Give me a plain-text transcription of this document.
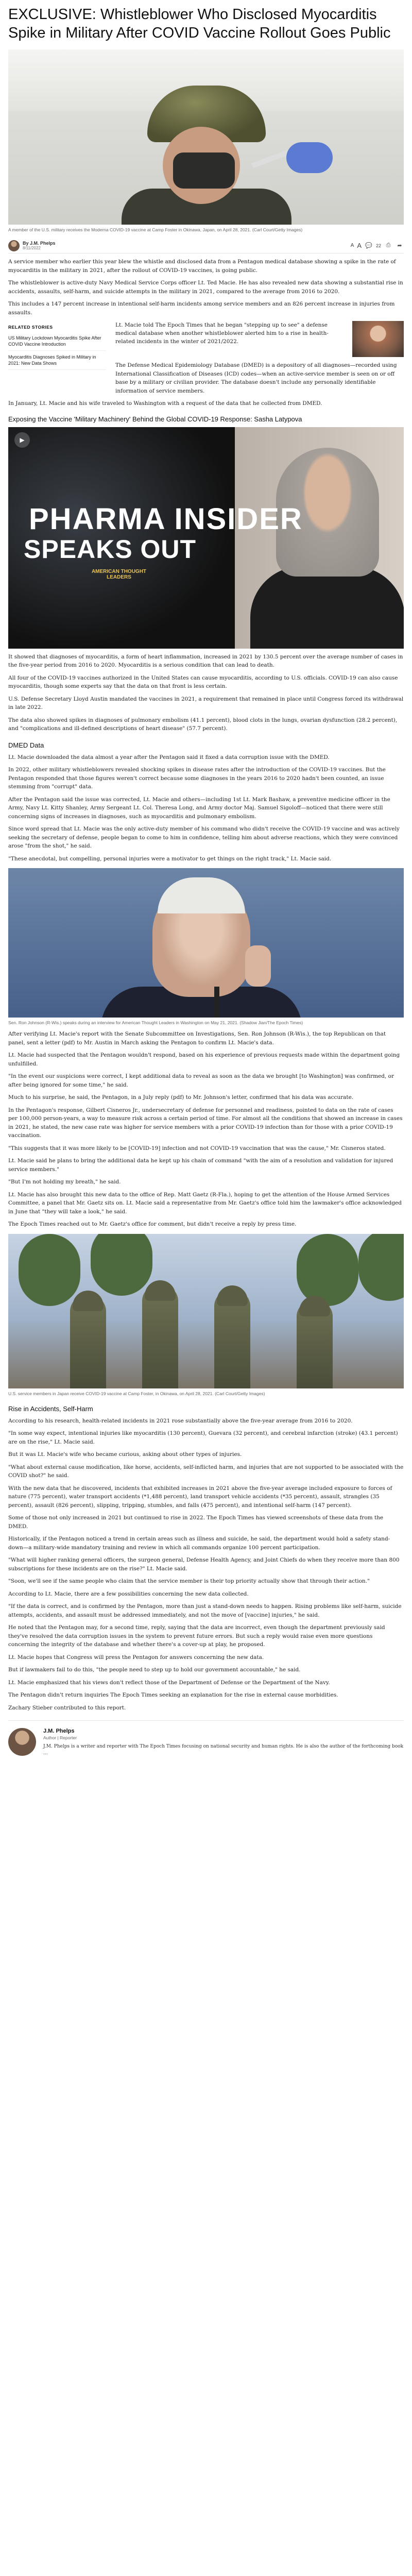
EXCLUSIVE: Whistleblower Who Disclosed Myocarditis Spike in Military After COVID Vaccine Rollout Goes Public
A member of the U.S. military receives the Moderna COVID-19 vaccine at Camp Foster in Okinawa, Japan, on April 28, 2021. (Carl Court/Getty Images)
By J.M. Phelps
8/11/2022	A A 💬 22 ⎙	➦

A service member who earlier this year blew the whistle and disclosed data from a Pentagon medical database showing a spike in the rate of myocarditis in the military in 2021, after the rollout of COVID-19 vaccines, is going public.

The whistleblower is active-duty Navy Medical Service Corps officer Lt. Ted Macie. He has also revealed new data showing a substantial rise in accidents, assaults, self-harm, and suicide attempts in the military in 2021, compared to the average from 2016 to 2020.

This includes a 147 percent increase in intentional self-harm incidents among service members and an 826 percent increase in injuries from assaults.

RELATED STORIES
US Military Lockdown Myocarditis Spike After COVID Vaccine Introduction
Myocarditis Diagnoses Spiked in Military in 2021: New Data Shows
Lt. Macie told The Epoch Times that he began "stepping up to see" a defense medical database when another whistleblower alerted him to a rise in health-related incidents in the winter of 2021/2022.

The Defense Medical Epidemiology Database (DMED) is a depository of all diagnoses—recorded using International Classification of Diseases (ICD) codes—when an active-service member is seen on or off base by a military or civilian provider. The database doesn't include any personally identifiable information of service members.

In January, Lt. Macie and his wife traveled to Washington with a request of the data that he collected from DMED.

Exposing the Vaccine 'Military Machinery' Behind the Global COVID-19 Response: Sasha Latypova
▶
PHARMA INSIDER
SPEAKS OUT
AMERICAN THOUGHT LEADERS

It showed that diagnoses of myocarditis, a form of heart inflammation, increased in 2021 by 130.5 percent over the average number of cases in the five-year period from 2016 to 2020. Myocarditis is a serious condition that can lead to death.

All four of the COVID-19 vaccines authorized in the United States can cause myocarditis, according to U.S. officials. COVID-19 can also cause myocarditis, though some experts say that the data on that front is less certain.

U.S. Defense Secretary Lloyd Austin mandated the vaccines in 2021, a requirement that remained in place until Congress forced its withdrawal in late 2022.

The data also showed spikes in diagnoses of pulmonary embolism (41.1 percent), blood clots in the lungs, ovarian dysfunction (28.2 percent), and "complications and ill-defined descriptions of heart disease" (57.7 percent).

DMED Data

Lt. Macie downloaded the data almost a year after the Pentagon said it fixed a data corruption issue with the DMED.

In 2022, other military whistleblowers revealed shocking spikes in disease rates after the introduction of the COVID-19 vaccines. But the Pentagon responded that those figures weren't correct because some diagnoses in the years 2016 to 2020 hadn't been counted, an issue stemming from "corrupt" data.

After the Pentagon said the issue was corrected, Lt. Macie and others—including 1st Lt. Mark Bashaw, a preventive medicine officer in the Army, Navy Lt. Kitty Shanley, Army Sergeant Lt. Col. Theresa Long, and Army doctor Maj. Samuel Sigoloff—noticed that there were still concerning signs of increases in diagnoses, such as myocarditis and pulmonary embolism.

Since word spread that Lt. Macie was the only active-duty member of his command who didn't receive the COVID-19 vaccine and was actively seeking the secretary of defense, people began to come to him in confidence, telling him about adverse reactions, which they were convinced arose "from the shot," he said.

"These anecdotal, but compelling, personal injuries were a motivator to get things on the right track," Lt. Macie said.

Sen. Ron Johnson (R-Wis.) speaks during an interview for American Thought Leaders in Washington on May 21, 2021. (Shadow Jian/The Epoch Times)

After verifying Lt. Macie's report with the Senate Subcommittee on Investigations, Sen. Ron Johnson (R-Wis.), the top Republican on that panel, sent a letter (pdf) to Mr. Austin in March asking the Pentagon to confirm Lt. Macie's data.

Lt. Macie had suspected that the Pentagon wouldn't respond, based on his experience of previous requests made within the department going unfulfilled.

"In the event our suspicions were correct, I kept additional data to reveal as soon as the data we brought [to Washington] was confirmed, or after being ignored for some time," he said.

Much to his surprise, he said, the Pentagon, in a July reply (pdf) to Mr. Johnson's letter, confirmed that his data was accurate.

In the Pentagon's response, Gilbert Cisneros Jr., undersecretary of defense for personnel and readiness, pointed to data on the rate of cases per 100,000 person-years, a way to measure risk across a certain period of time. For almost all the conditions that showed an increase in cases in 2021, he stated, the new case rate was higher for service members with a prior COVID-19 infection than for those with a prior COVID-19 vaccination.

"This suggests that it was more likely to be [COVID-19] infection and not COVID-19 vaccination that was the cause," Mr. Cisneros stated.

Lt. Macie said he plans to bring the additional data he kept up his chain of command "with the aim of a resolution and validation for injured service members."

"But I'm not holding my breath," he said.

Lt. Macie has also brought this new data to the office of Rep. Matt Gaetz (R-Fla.), hoping to get the attention of the House Armed Services Committee, a panel that Mr. Gaetz sits on. Lt. Macie said a representative from Mr. Gaetz's office told him the lawmaker's office acknowledged in June that "they will take a look," he said.

The Epoch Times reached out to Mr. Gaetz's office for comment, but didn't receive a reply by press time.

U.S. service members in Japan receive COVID-19 vaccine at Camp Foster, in Okinawa, on April 28, 2021. (Carl Court/Getty Images)
Rise in Accidents, Self-Harm

According to his research, health-related incidents in 2021 rose substantially above the five-year average from 2016 to 2020.

"In some way expect, intentional injuries like myocarditis (130 percent), Guevara (32 percent), and cerebral infarction (stroke) (43.1 percent) are on the rise," Lt. Macie said.

But it was Lt. Macie's wife who became curious, asking about other types of injuries.

"What about external cause modification, like horse, accidents, self-inflicted harm, and injuries that are not supported to be associated with the COVID shot?" he said.

With the new data that he discovered, incidents that exhibited increases in 2021 above the five-year average included exposure to forces of nature (775 percent), water transport accidents (*1,488 percent), land transport vehicle accidents (*35 percent), assault, strangles (35 percent), assault (826 percent), slipping, tripping, stumbles, and falls (475 percent), and intentional self-harm (147 percent).

Some of those not only increased in 2021 but continued to rise in 2022. The Epoch Times has viewed screenshots of these data from the DMED.

Historically, if the Pentagon noticed a trend in certain areas such as illness and suicide, he said, the department would hold a safety stand-down—a military-wide mandatory training and review in which all commands organize 100 percent participation.

"What will higher ranking general officers, the surgeon general, Defense Health Agency, and Joint Chiefs do when they receive more than 800 subscriptions for these incidents are on the rise?" Lt. Macie said.

"Soon, we'll see if the same people who claim that the service member is their top priority actually show that through their action."

According to Lt. Macie, there are a few possibilities concerning the new data collected.

"If the data is correct, and is confirmed by the Pentagon, more than just a stand-down needs to happen. Rising problems like self-harm, suicide attempts, accidents, and assault must be addressed immediately, and not the move of [vaccine] injuries," he said.

He noted that the Pentagon may, for a second time, reply, saying that the data are incorrect, even though the department previously said they've resolved the data corruption issues in the system to prevent future errors. But such a reply would raise even more questions concerning the integrity of the database and whether there's a cover-up at play, he proposed.

Lt. Macie hopes that Congress will press the Pentagon for answers concerning the new data.

But if lawmakers fail to do this, "the people need to step up to hold our government accountable," he said.

Lt. Macie emphasized that his views don't reflect those of the Department of Defense or the Department of the Navy.

The Pentagon didn't return inquiries The Epoch Times seeking an explanation for the rise in external cause morbidities.

Zachary Stieber contributed to this report.

J.M. Phelps
Author | Reporter
J.M. Phelps is a writer and reporter with The Epoch Times focusing on national security and human rights. He is also the author of the forthcoming book ...
